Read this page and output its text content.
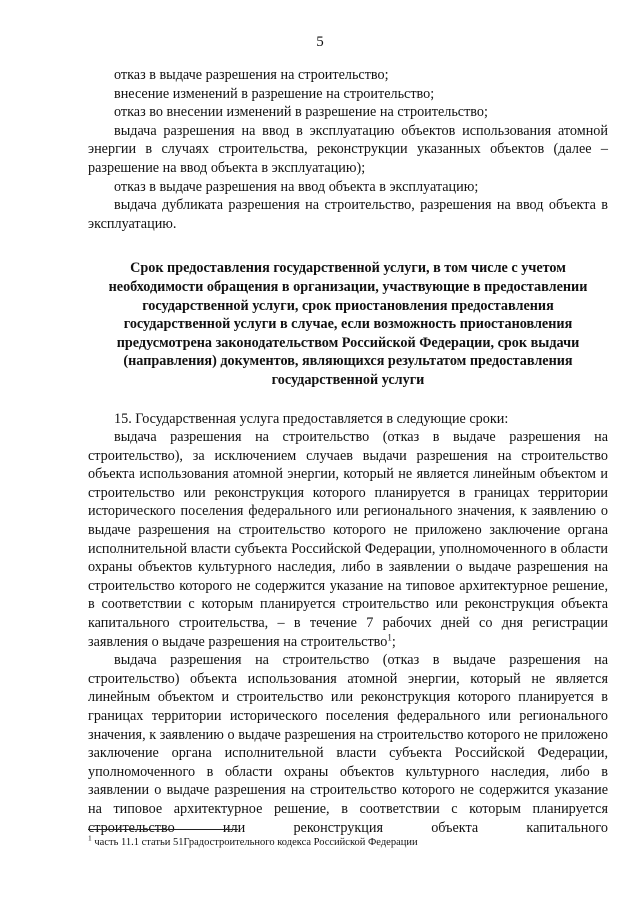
5

отказ в выдаче разрешения на строительство;

внесение изменений в разрешение на строительство;

отказ во внесении изменений в разрешение на строительство;

выдача разрешения на ввод в эксплуатацию объектов использования атомной энергии в случаях строительства, реконструкции указанных объектов (далее – разрешение на ввод объекта в эксплуатацию);

отказ в выдаче разрешения на ввод объекта в эксплуатацию;

выдача дубликата разрешения на строительство, разрешения на ввод объекта в эксплуатацию.

Срок предоставления государственной услуги, в том числе с учетом необходимости обращения в организации, участвующие в предоставлении государственной услуги, срок приостановления предоставления государственной услуги в случае, если возможность приостановления предусмотрена законодательством Российской Федерации, срок выдачи (направления) документов, являющихся результатом предоставления государственной услуги

15. Государственная услуга предоставляется в следующие сроки:

выдача разрешения на строительство (отказ в выдаче разрешения на строительство), за исключением случаев выдачи разрешения на строительство объекта использования атомной энергии, который не является линейным объектом и строительство или реконструкция которого планируется в границах территории исторического поселения федерального или регионального значения, к заявлению о выдаче разрешения на строительство которого не приложено заключение органа исполнительной власти субъекта Российской Федерации, уполномоченного в области охраны объектов культурного наследия, либо в заявлении о выдаче разрешения на строительство которого не содержится указание на типовое архитектурное решение, в соответствии с которым планируется строительство или реконструкция объекта капитального строительства, – в течение 7 рабочих дней со дня регистрации заявления о выдаче разрешения на строительство$^1$;

выдача разрешения на строительство (отказ в выдаче разрешения на строительство) объекта использования атомной энергии, который не является линейным объектом и строительство или реконструкция которого планируется в границах территории исторического поселения федерального или регионального значения, к заявлению о выдаче разрешения на строительство которого не приложено заключение органа исполнительной власти субъекта Российской Федерации, уполномоченного в области охраны объектов культурного наследия, либо в заявлении о выдаче разрешения на строительство которого не содержится указание на типовое архитектурное решение, в соответствии с которым планируется строительство или реконструкция объекта капитального

$^1$ часть 11.1 статьи 51Градостроительного кодекса Российской Федерации
